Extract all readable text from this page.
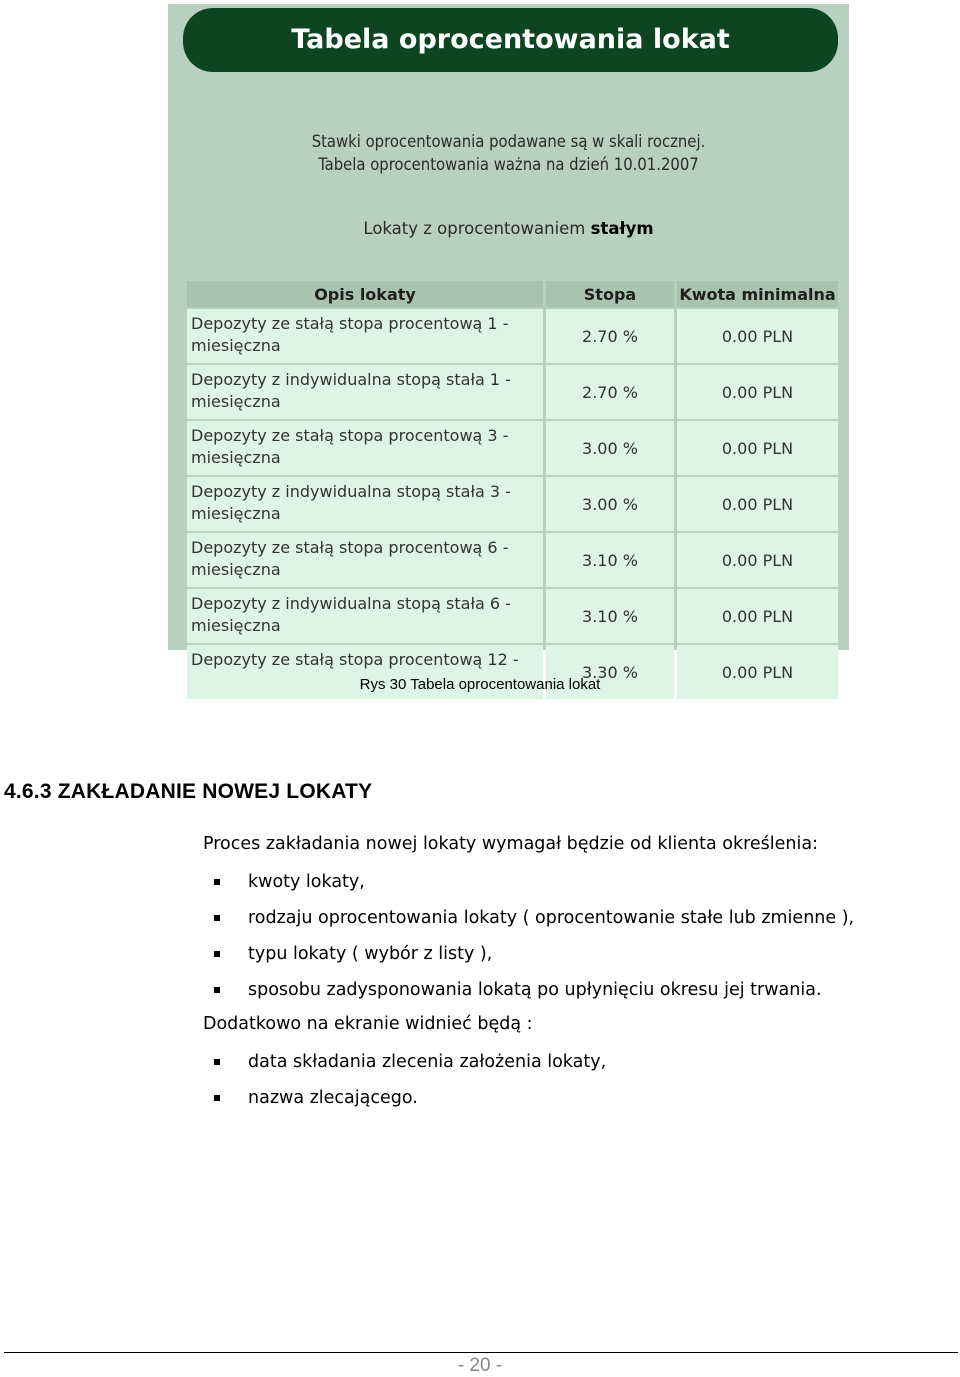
Tabela oprocentowania lokat
Stawki oprocentowania podawane są w skali rocznej.
Tabela oprocentowania ważna na dzień 10.01.2007
Lokaty z oprocentowaniem stałym
Opis lokaty	Stopa	Kwota minimalna
Depozyty ze stałą stopa procentową 1 - miesięczna	2.70 %	0.00 PLN
Depozyty z indywidualna stopą stała 1 - miesięczna	2.70 %	0.00 PLN
Depozyty ze stałą stopa procentową 3 - miesięczna	3.00 %	0.00 PLN
Depozyty z indywidualna stopą stała 3 - miesięczna	3.00 %	0.00 PLN
Depozyty ze stałą stopa procentową 6 - miesięczna	3.10 %	0.00 PLN
Depozyty z indywidualna stopą stała 6 - miesięczna	3.10 %	0.00 PLN
Depozyty ze stałą stopa procentową 12 -	3.30 %	0.00 PLN
Rys 30 Tabela oprocentowania lokat
4.6.3 ZAKŁADANIE NOWEJ LOKATY
Proces zakładania nowej lokaty wymagał będzie od klienta określenia:
kwoty lokaty,
rodzaju oprocentowania lokaty ( oprocentowanie stałe lub zmienne ),
typu lokaty ( wybór z listy ),
sposobu zadysponowania lokatą po upłynięciu okresu jej trwania.
Dodatkowo na ekranie widnieć będą :
data składania zlecenia założenia lokaty,
nazwa zlecającego.
- 20 -
